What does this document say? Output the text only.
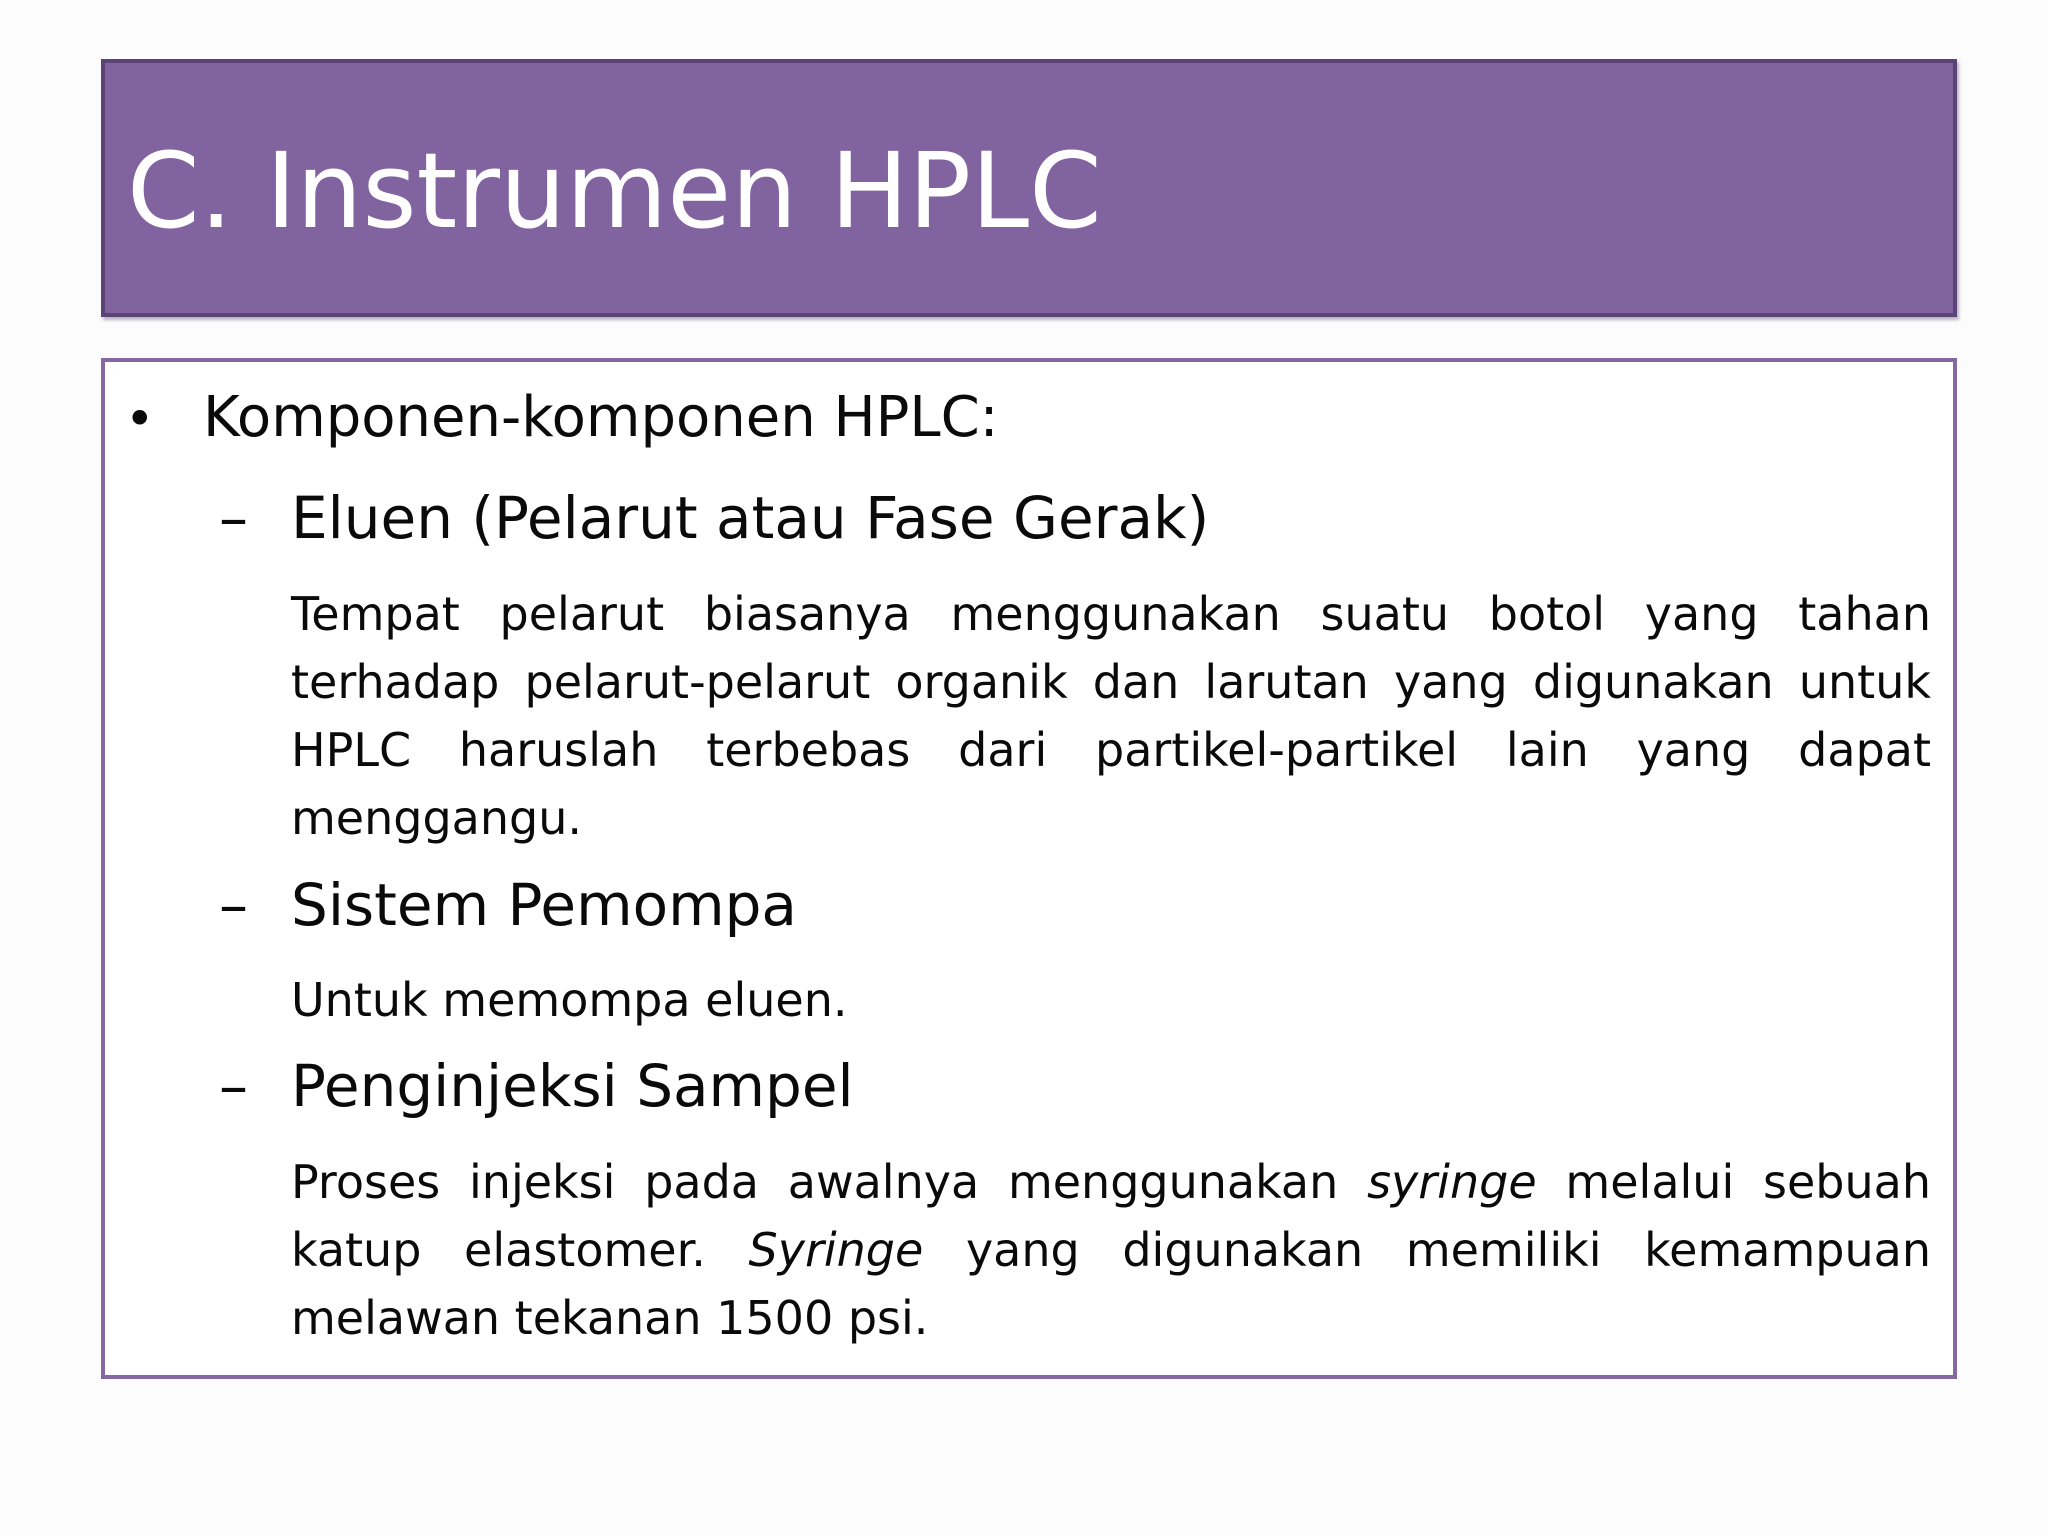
C. Instrumen HPLC
• Komponen-komponen HPLC:
– Eluen (Pelarut atau Fase Gerak)

Tempat pelarut biasanya menggunakan suatu botol yang tahan terhadap pelarut-pelarut organik dan larutan yang digunakan untuk HPLC haruslah terbebas dari partikel-partikel lain yang dapat menggangu.

– Sistem Pemompa

Untuk memompa eluen.

– Penginjeksi Sampel

Proses injeksi pada awalnya menggunakan syringe melalui sebuah katup elastomer. Syringe yang digunakan memiliki kemampuan melawan tekanan 1500 psi.
